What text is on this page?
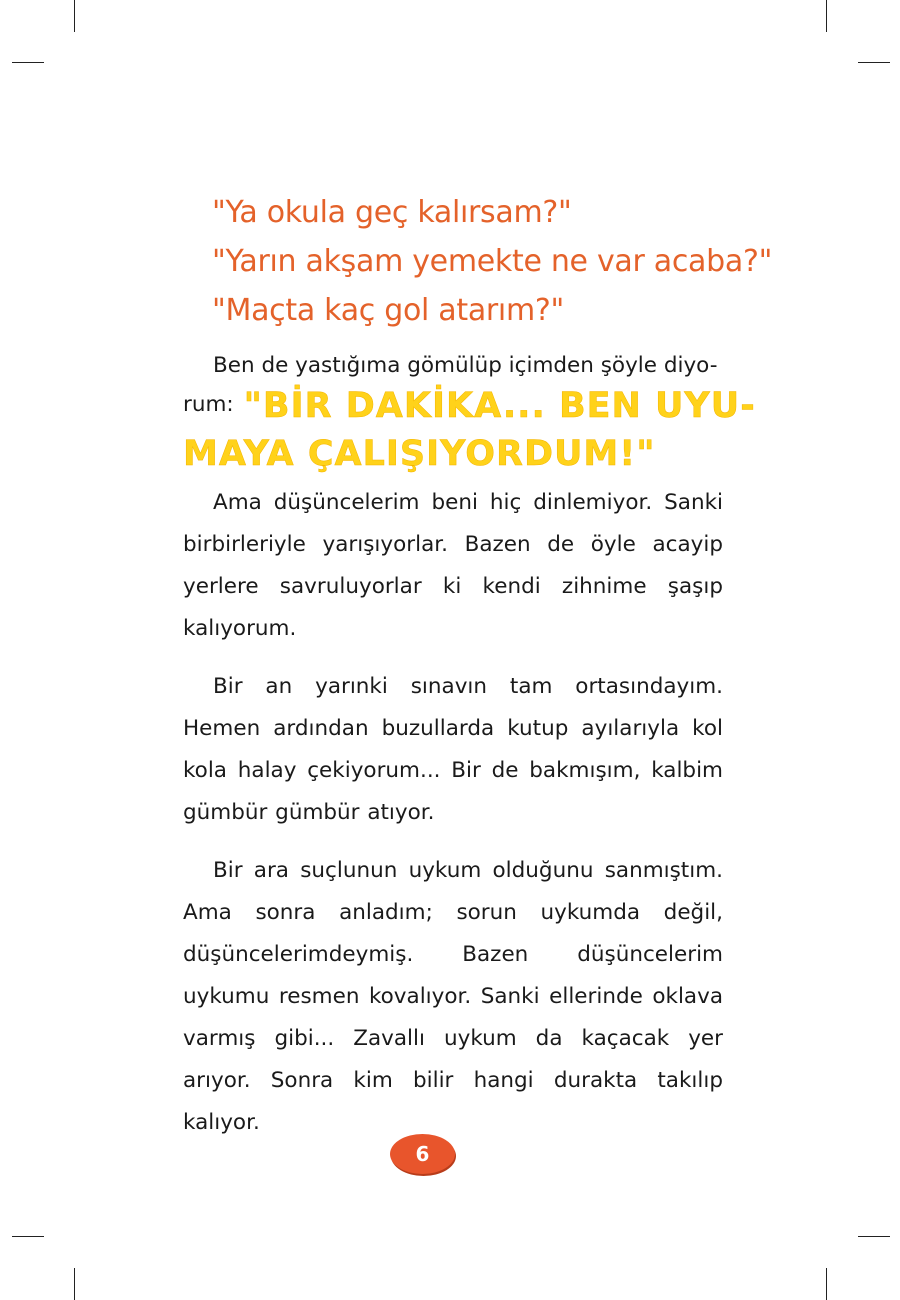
"Ya okula geç kalırsam?"
"Yarın akşam yemekte ne var acaba?"
"Maçta kaç gol atarım?"
Ben de yastığıma gömülüp içimden şöyle diyo-
rum: "BİR DAKİKA... BEN UYU-
MAYA ÇALIŞIYORDUM!"

Ama düşüncelerim beni hiç dinlemiyor. Sanki birbirleriyle yarışıyorlar. Bazen de öyle acayip yerlere savruluyorlar ki kendi zihnime şaşıp kalıyorum.

Bir an yarınki sınavın tam ortasındayım. Hemen ardından buzullarda kutup ayılarıyla kol kola halay çekiyorum... Bir de bakmışım, kalbim gümbür gümbür atıyor.

Bir ara suçlunun uykum olduğunu sanmıştım. Ama sonra anladım; sorun uykumda değil, düşüncelerimdeymiş. Bazen düşüncelerim uykumu resmen kovalıyor. Sanki ellerinde oklava varmış gibi... Zavallı uykum da kaçacak yer arıyor. Sonra kim bilir hangi durakta takılıp kalıyor.

6
